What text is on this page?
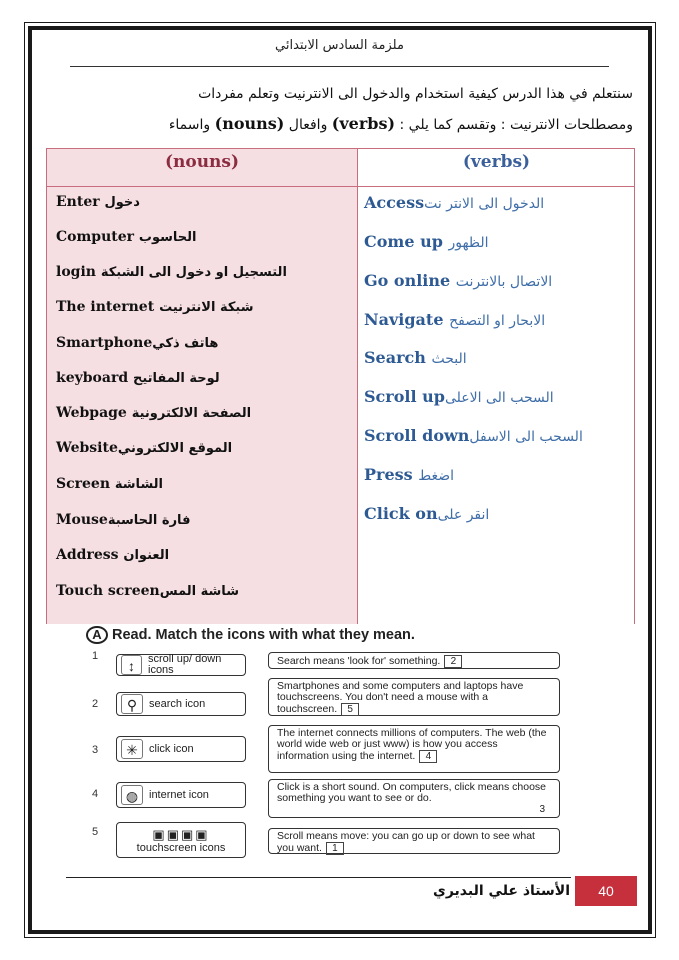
ملزمة السادس الابتدائي
سنتعلم في هذا الدرس كيفية استخدام والدخول الى الانترنيت وتعلم مفردات
ومصطلحات الانترنيت : وتقسم كما يلي : (verbs) وافعال (nouns) واسماء
(nouns)	(verbs)
Enter دخول
Computer الحاسوب
login التسجيل او دخول الى الشبكة
The internet شبكة الانترنيت
Smartphoneهاتف ذكي
keyboard لوحة المفاتيح
Webpage الصفحة الالكترونية
Websiteالموقع الالكتروني
Screen الشاشة
Mouseفارة الحاسبة
Address العنوان
Touch screenشاشة المس
Accessالدخول الى الانتر نت
Come up الظهور
Go online الاتصال بالانترنت
Navigate الابحار او التصفح
Search البحث
Scroll upالسحب الى الاعلى
Scroll downالسحب الى الاسفل
Press اضغط
Click onانقر على
A Read. Match the icons with what they mean.
1
↕	scroll up/ down icons
Search means 'look for' something. 2
2	⚲	search icon
Smartphones and some computers and laptops have touchscreens. You don't need a mouse with a touchscreen. 5
3	✳	click icon
The internet connects millions of computers. The web (the world wide web or just www) is how you access information using the internet. 4
4	◍ internet icon
Click is a short sound. On computers, click means choose something you want to see or do.
3
5	▣▣▣▣
touchscreen icons
Scroll means move: you can go up or down to see what you want. 1
الأستاذ علي البديري	40
